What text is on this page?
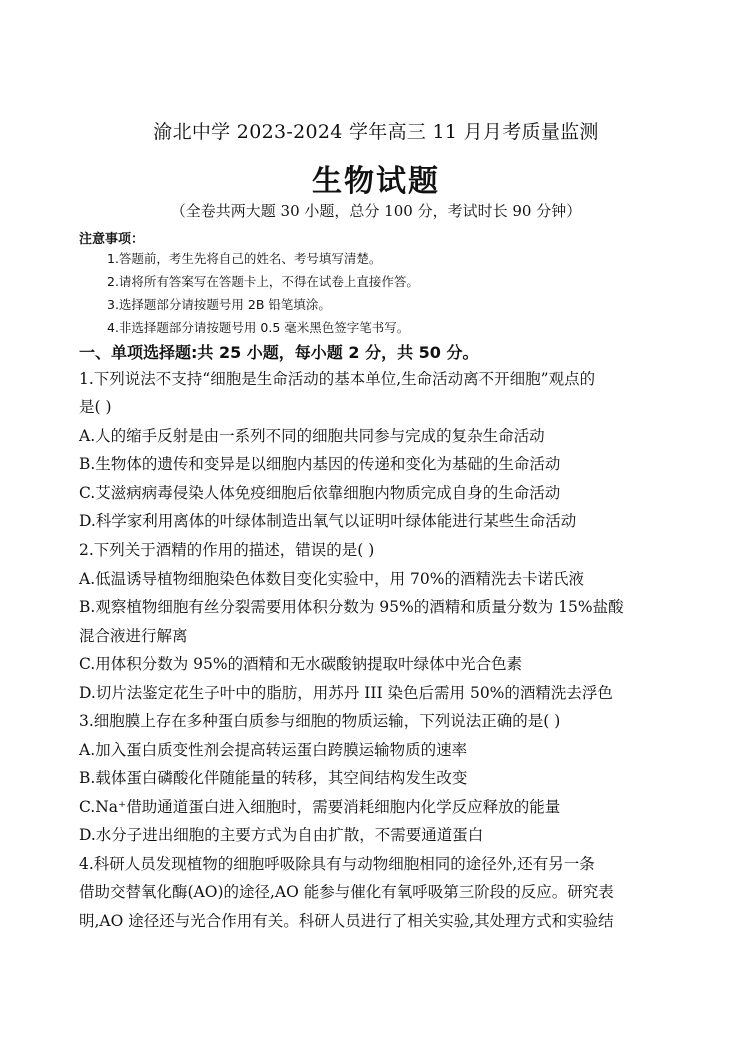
渝北中学 2023-2024 学年高三 11 月月考质量监测
生物试题
（全卷共两大题 30 小题，总分 100 分，考试时长 90 分钟）
注意事项：
1.答题前，考生先将自己的姓名、考号填写清楚。
2.请将所有答案写在答题卡上，不得在试卷上直接作答。
3.选择题部分请按题号用 2B 铅笔填涂。
4.非选择题部分请按题号用 0.5 毫米黑色签字笔书写。
一、单项选择题:共 25 小题，每小题 2 分，共 50 分。
1.下列说法不支持“细胞是生命活动的基本单位,生命活动离不开细胞”观点的
是( )
A.人的缩手反射是由一系列不同的细胞共同参与完成的复杂生命活动
B.生物体的遗传和变异是以细胞内基因的传递和变化为基础的生命活动
C.艾滋病病毒侵染人体免疫细胞后依靠细胞内物质完成自身的生命活动
D.科学家利用离体的叶绿体制造出氧气以证明叶绿体能进行某些生命活动
2.下列关于酒精的作用的描述，错误的是( )
A.低温诱导植物细胞染色体数目变化实验中，用 70%的酒精洗去卡诺氏液
B.观察植物细胞有丝分裂需要用体积分数为 95%的酒精和质量分数为 15%盐酸
混合液进行解离
C.用体积分数为 95%的酒精和无水碳酸钠提取叶绿体中光合色素
D.切片法鉴定花生子叶中的脂肪，用苏丹 III 染色后需用 50%的酒精洗去浮色
3.细胞膜上存在多种蛋白质参与细胞的物质运输，下列说法正确的是( )
A.加入蛋白质变性剂会提高转运蛋白跨膜运输物质的速率
B.载体蛋白磷酸化伴随能量的转移，其空间结构发生改变
C.Na⁺借助通道蛋白进入细胞时，需要消耗细胞内化学反应释放的能量
D.水分子进出细胞的主要方式为自由扩散，不需要通道蛋白
4.科研人员发现植物的细胞呼吸除具有与动物细胞相同的途径外,还有另一条
借助交替氧化酶(AO)的途径,AO 能参与催化有氧呼吸第三阶段的反应。研究表
明,AO 途径还与光合作用有关。科研人员进行了相关实验,其处理方式和实验结
